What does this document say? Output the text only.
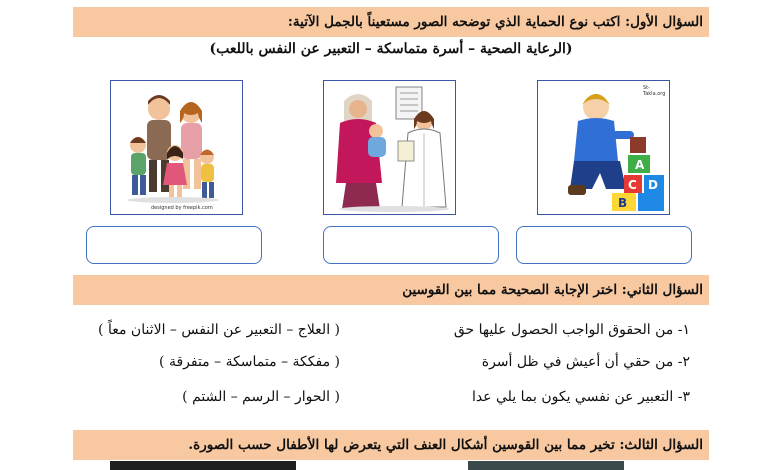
السؤال الأول: اكتب نوع الحماية الذي توضحه الصور مستعيناً بالجمل الآتية:
(الرعاية الصحية – أسرة متماسكة – التعبير عن النفس باللعب)
designed by freepik.com
St-Takla.org
A
C D
B
السؤال الثاني: اختر الإجابة الصحيحة مما بين القوسين
١- من الحقوق الواجب الحصول عليها حق
( العلاج – التعبير عن النفس – الاثنان معاً )
٢- من حقي أن أعيش في ظل أسرة
( مفككة – متماسكة – متفرقة )
٣- التعبير عن نفسي يكون بما يلي عدا
( الحوار – الرسم – الشتم )
السؤال الثالث: تخير مما بين القوسين أشكال العنف التي يتعرض لها الأطفال حسب الصورة.
